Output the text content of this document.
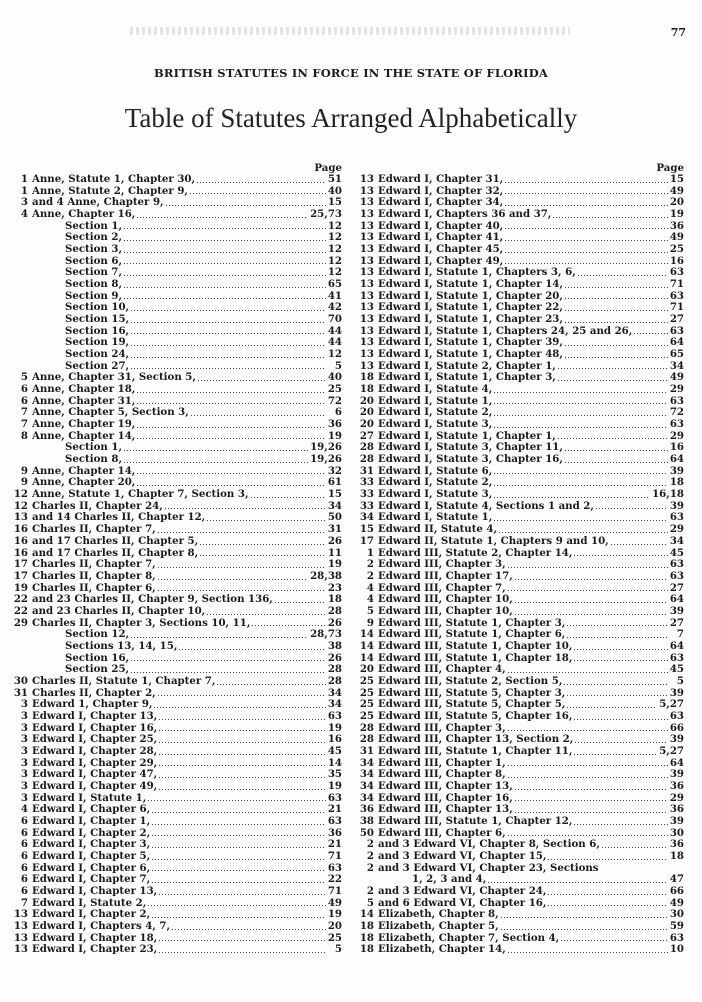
77
BRITISH STATUTES IN FORCE IN THE STATE OF FLORIDA
Table of Statutes Arranged Alphabetically
Page
1 Anne, Statute 1, Chapter 30,	51
1 Anne, Statute 2, Chapter 9,	40
3 and 4 Anne, Chapter 9,	15
4 Anne, Chapter 16,	25,73
Section 1,	12
Section 2,	12
Section 3,	12
Section 6,	12
Section 7,	12
Section 8,	65
Section 9,	41
Section 10,	42
Section 15,	70
Section 16,	44
Section 19,	44
Section 24,	12
Section 27,	5
5 Anne, Chapter 31, Section 5,	40
6 Anne, Chapter 18,	25
6 Anne, Chapter 31,	72
7 Anne, Chapter 5, Section 3,	6
7 Anne, Chapter 19,	36
8 Anne, Chapter 14,	19
Section 1,	19,26
Section 8,	19,26
9 Anne, Chapter 14,	32
9 Anne, Chapter 20,	61
12 Anne, Statute 1, Chapter 7, Section 3,	15
12 Charles II, Chapter 24,	34
13 and 14 Charles II, Chapter 12,	50
16 Charles II, Chapter 7,	31
16 and 17 Charles II, Chapter 5,	26
16 and 17 Charles II, Chapter 8,	11
17 Charles II, Chapter 7,	19
17 Charles II, Chapter 8,	28,38
19 Charles II, Chapter 6,	23
22 and 23 Charles II, Chapter 9, Section 136,	18
22 and 23 Charles II, Chapter 10,	28
29 Charles II, Chapter 3, Sections 10, 11,	26
Section 12,	28,73
Sections 13, 14, 15,	38
Section 16,	26
Section 25,	28
30 Charles II, Statute 1, Chapter 7,	28
31 Charles II, Chapter 2,	34
3 Edward 1, Chapter 9,	34
3 Edward I, Chapter 13,	63
3 Edward I, Chapter 16,	19
3 Edward I, Chapter 25,	16
3 Edward I, Chapter 28,	45
3 Edward I, Chapter 29,	14
3 Edward I, Chapter 47,	35
3 Edward I, Chapter 49,	19
3 Edward I, Statute 1,	63
4 Edward I, Chapter 6,	21
6 Edward I, Chapter 1,	63
6 Edward I, Chapter 2,	36
6 Edward I, Chapter 3,	21
6 Edward I, Chapter 5,	71
6 Edward I, Chapter 6,	63
6 Edward I, Chapter 7,	22
6 Edward I, Chapter 13,	71
7 Edward I, Statute 2,	49
13 Edward I, Chapter 2,	19
13 Edward I, Chapters 4, 7,	20
13 Edward I, Chapter 18,	25
13 Edward I, Chapter 23,	5
Page
13 Edward I, Chapter 31,	15
13 Edward I, Chapter 32,	49
13 Edward I, Chapter 34,	20
13 Edward I, Chapters 36 and 37,	19
13 Edward I, Chapter 40,	36
13 Edward I, Chapter 41,	49
13 Edward I, Chapter 45,	25
13 Edward I, Chapter 49,	16
13 Edward I, Statute 1, Chapters 3, 6,	63
13 Edward I, Statute 1, Chapter 14,	71
13 Edward I, Statute 1, Chapter 20,	63
13 Edward I, Statute 1, Chapter 22,	71
13 Edward I, Statute 1, Chapter 23,	27
13 Edward I, Statute 1, Chapters 24, 25 and 26,	63
13 Edward I, Statute 1, Chapter 39,	64
13 Edward I, Statute 1, Chapter 48,	65
13 Edward I, Statute 2, Chapter 1,	34
18 Edward I, Statute 1, Chapter 3,	49
18 Edward I, Statute 4,	29
20 Edward I, Statute 1,	63
20 Edward I, Statute 2,	72
20 Edward I, Statute 3,	63
27 Edward I, Statute 1, Chapter 1,	29
28 Edward I, Statute 3, Chapter 11,	16
28 Edward I, Statute 3, Chapter 16,	64
31 Edward I, Statute 6,	39
33 Edward I, Statute 2,	18
33 Edward I, Statute 3,	16,18
33 Edward I, Statute 4, Sections 1 and 2,	39
34 Edward I, Statute 1,	63
15 Edward II, Statute 4,	29
17 Edward II, Statute 1, Chapters 9 and 10,	34
1 Edward III, Statute 2, Chapter 14,	45
2 Edward III, Chapter 3,	63
2 Edward III, Chapter 17,	63
4 Edward III, Chapter 7,	27
4 Edward III, Chapter 10,	64
5 Edward III, Chapter 10,	39
9 Edward III, Statute 1, Chapter 3,	27
14 Edward III, Statute 1, Chapter 6,	7
14 Edward III, Statute 1, Chapter 10,	64
14 Edward III, Statute 1, Chapter 18,	63
20 Edward III, Chapter 4,	45
25 Edward III, Statute 2, Section 5,	5
25 Edward III, Statute 5, Chapter 3,	39
25 Edward III, Statute 5, Chapter 5,	5,27
25 Edward III, Statute 5, Chapter 16,	63
28 Edward III, Chapter 3,	66
28 Edward III, Chapter 13, Section 2,	39
31 Edward III, Statute 1, Chapter 11,	5,27
34 Edward III, Chapter 1,	64
34 Edward III, Chapter 8,	39
34 Edward III, Chapter 13,	36
34 Edward III, Chapter 16,	29
36 Edward III, Chapter 13,	36
38 Edward III, Statute 1, Chapter 12,	39
50 Edward III, Chapter 6,	30
2 and 3 Edward VI, Chapter 8, Section 6,	36
2 and 3 Edward VI, Chapter 15,	18
2 and 3 Edward VI, Chapter 23, Sections
1, 2, 3 and 4,	47
2 and 3 Edward VI, Chapter 24,	66
5 and 6 Edward VI, Chapter 16,	49
14 Elizabeth, Chapter 8,	30
18 Elizabeth, Chapter 5,	59
18 Elizabeth, Chapter 7, Section 4,	63
18 Elizabeth, Chapter 14,	10
